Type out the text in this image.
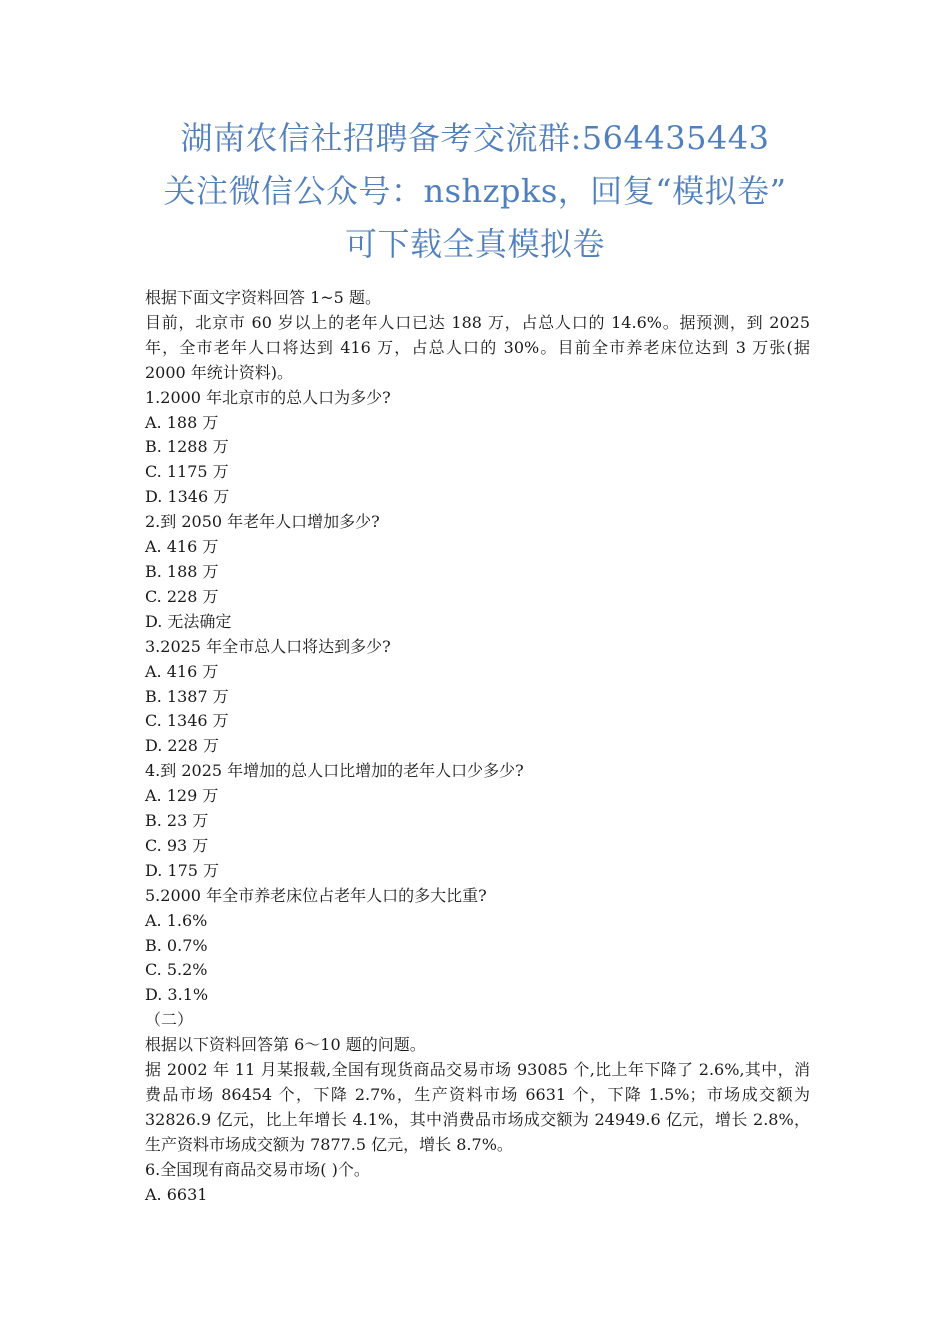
湖南农信社招聘备考交流群:564435443
关注微信公众号：nshzpks，回复“模拟卷”
可下载全真模拟卷

根据下面文字资料回答 1~5 题。

目前，北京市 60 岁以上的老年人口已达 188 万，占总人口的 14.6%。据预测，到 2025 年，全市老年人口将达到 416 万，占总人口的 30%。目前全市养老床位达到 3 万张(据 2000 年统计资料)。

1.2000 年北京市的总人口为多少?

A. 188 万

B. 1288 万

C. 1175 万

D. 1346 万

2.到 2050 年老年人口增加多少?

A. 416 万

B. 188 万

C. 228 万

D. 无法确定

3.2025 年全市总人口将达到多少?

A. 416 万

B. 1387 万

C. 1346 万

D. 228 万

4.到 2025 年增加的总人口比增加的老年人口少多少?

A. 129 万

B. 23 万

C. 93 万

D. 175 万

5.2000 年全市养老床位占老年人口的多大比重?

A. 1.6%

B. 0.7%

C. 5.2%

D. 3.1%

（二）

根据以下资料回答第 6～10 题的问题。

据 2002 年 11 月某报载,全国有现货商品交易市场 93085 个,比上年下降了 2.6%,其中，消费品市场 86454 个，下降 2.7%，生产资料市场 6631 个，下降 1.5%；市场成交额为 32826.9 亿元，比上年增长 4.1%，其中消费品市场成交额为 24949.6 亿元，增长 2.8%，生产资料市场成交额为 7877.5 亿元，增长 8.7%。

6.全国现有商品交易市场( )个。

A. 6631
